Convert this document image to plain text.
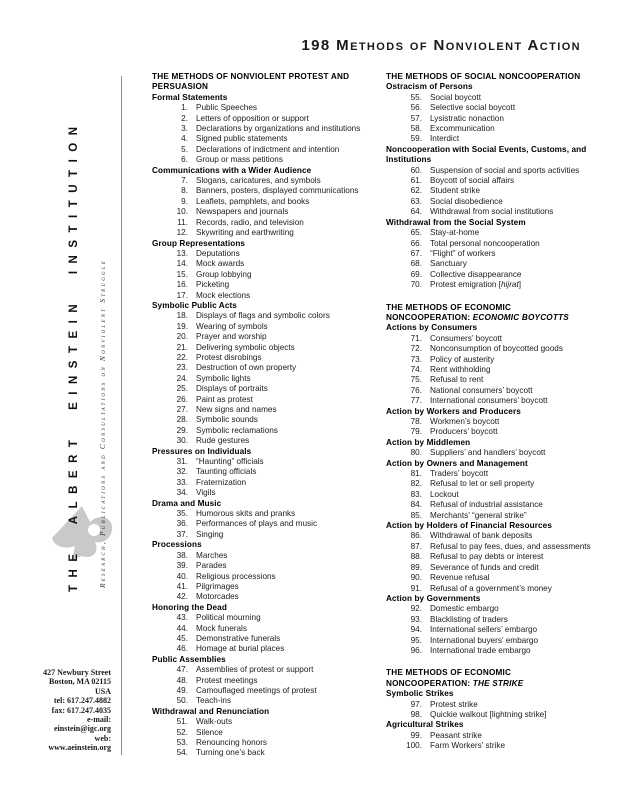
198 Methods of Nonviolent Action
THE ALBERT EINSTEIN INSTITUTION	Research, Publications and Consultations on Nonviolent Struggle
427 Newbury Street
Boston, MA 02115
USA
tel: 617.247.4882
fax: 617.247.4035
e-mail:
einstein@igc.org
web:
www.aeinstein.org
THE METHODS OF NONVIOLENT PROTEST AND
PERSUASION
Formal Statements
1. Public Speeches
2. Letters of opposition or support
3. Declarations by organizations and institutions
4. Signed public statements
5. Declarations of indictment and intention
6. Group or mass petitions
Communications with a Wider Audience
7. Slogans, caricatures, and symbols
8. Banners, posters, displayed communications
9. Leaflets, pamphlets, and books
10. Newspapers and journals
11. Records, radio, and television
12. Skywriting and earthwriting
Group Representations
13. Deputations
14. Mock awards
15. Group lobbying
16. Picketing
17. Mock elections
Symbolic Public Acts
18. Displays of flags and symbolic colors
19. Wearing of symbols
20. Prayer and worship
21. Delivering symbolic objects
22. Protest disrobings
23. Destruction of own property
24. Symbolic lights
25. Displays of portraits
26. Paint as protest
27. New signs and names
28. Symbolic sounds
29. Symbolic reclamations
30. Rude gestures
Pressures on Individuals
31. “Haunting” officials
32. Taunting officials
33. Fraternization
34. Vigils
Drama and Music
35. Humorous skits and pranks
36. Performances of plays and music
37. Singing
Processions
38. Marches
39. Parades
40. Religious processions
41. Pilgrimages
42. Motorcades
Honoring the Dead
43. Political mourning
44. Mock funerals
45. Demonstrative funerals
46. Homage at burial places
Public Assemblies
47. Assemblies of protest or support
48. Protest meetings
49. Camouflaged meetings of protest
50. Teach-ins
Withdrawal and Renunciation
51. Walk-outs
52. Silence
53. Renouncing honors
54. Turning one’s back
THE METHODS OF SOCIAL NONCOOPERATION
Ostracism of Persons
55. Social boycott
56. Selective social boycott
57. Lysistratic nonaction
58. Excommunication
59. Interdict
Noncooperation with Social Events, Customs, and Institutions
60. Suspension of social and sports activities
61. Boycott of social affairs
62. Student strike
63. Social disobedience
64. Withdrawal from social institutions
Withdrawal from the Social System
65. Stay-at-home
66. Total personal noncooperation
67. “Flight” of workers
68. Sanctuary
69. Collective disappearance
70. Protest emigration [hijrat]
THE METHODS OF ECONOMIC
NONCOOPERATION: ECONOMIC BOYCOTTS
Actions by Consumers
71. Consumers’ boycott
72. Nonconsumption of boycotted goods
73. Policy of austerity
74. Rent withholding
75. Refusal to rent
76. National consumers’ boycott
77. International consumers’ boycott
Action by Workers and Producers
78. Workmen’s boycott
79. Producers’ boycott
Action by Middlemen
80. Suppliers’ and handlers’ boycott
Action by Owners and Management
81. Traders’ boycott
82. Refusal to let or sell property
83. Lockout
84. Refusal of industrial assistance
85. Merchants’ “general strike”
Action by Holders of Financial Resources
86. Withdrawal of bank deposits
87. Refusal to pay fees, dues, and assessments
88. Refusal to pay debts or interest
89. Severance of funds and credit
90. Revenue refusal
91. Refusal of a government’s money
Action by Governments
92. Domestic embargo
93. Blacklisting of traders
94. International sellers’ embargo
95. International buyers’ embargo
96. International trade embargo
THE METHODS OF ECONOMIC
NONCOOPERATION: THE STRIKE
Symbolic Strikes
97. Protest strike
98. Quickie walkout [lightning strike]
Agricultural Strikes
99. Peasant strike
100. Farm Workers’ strike
